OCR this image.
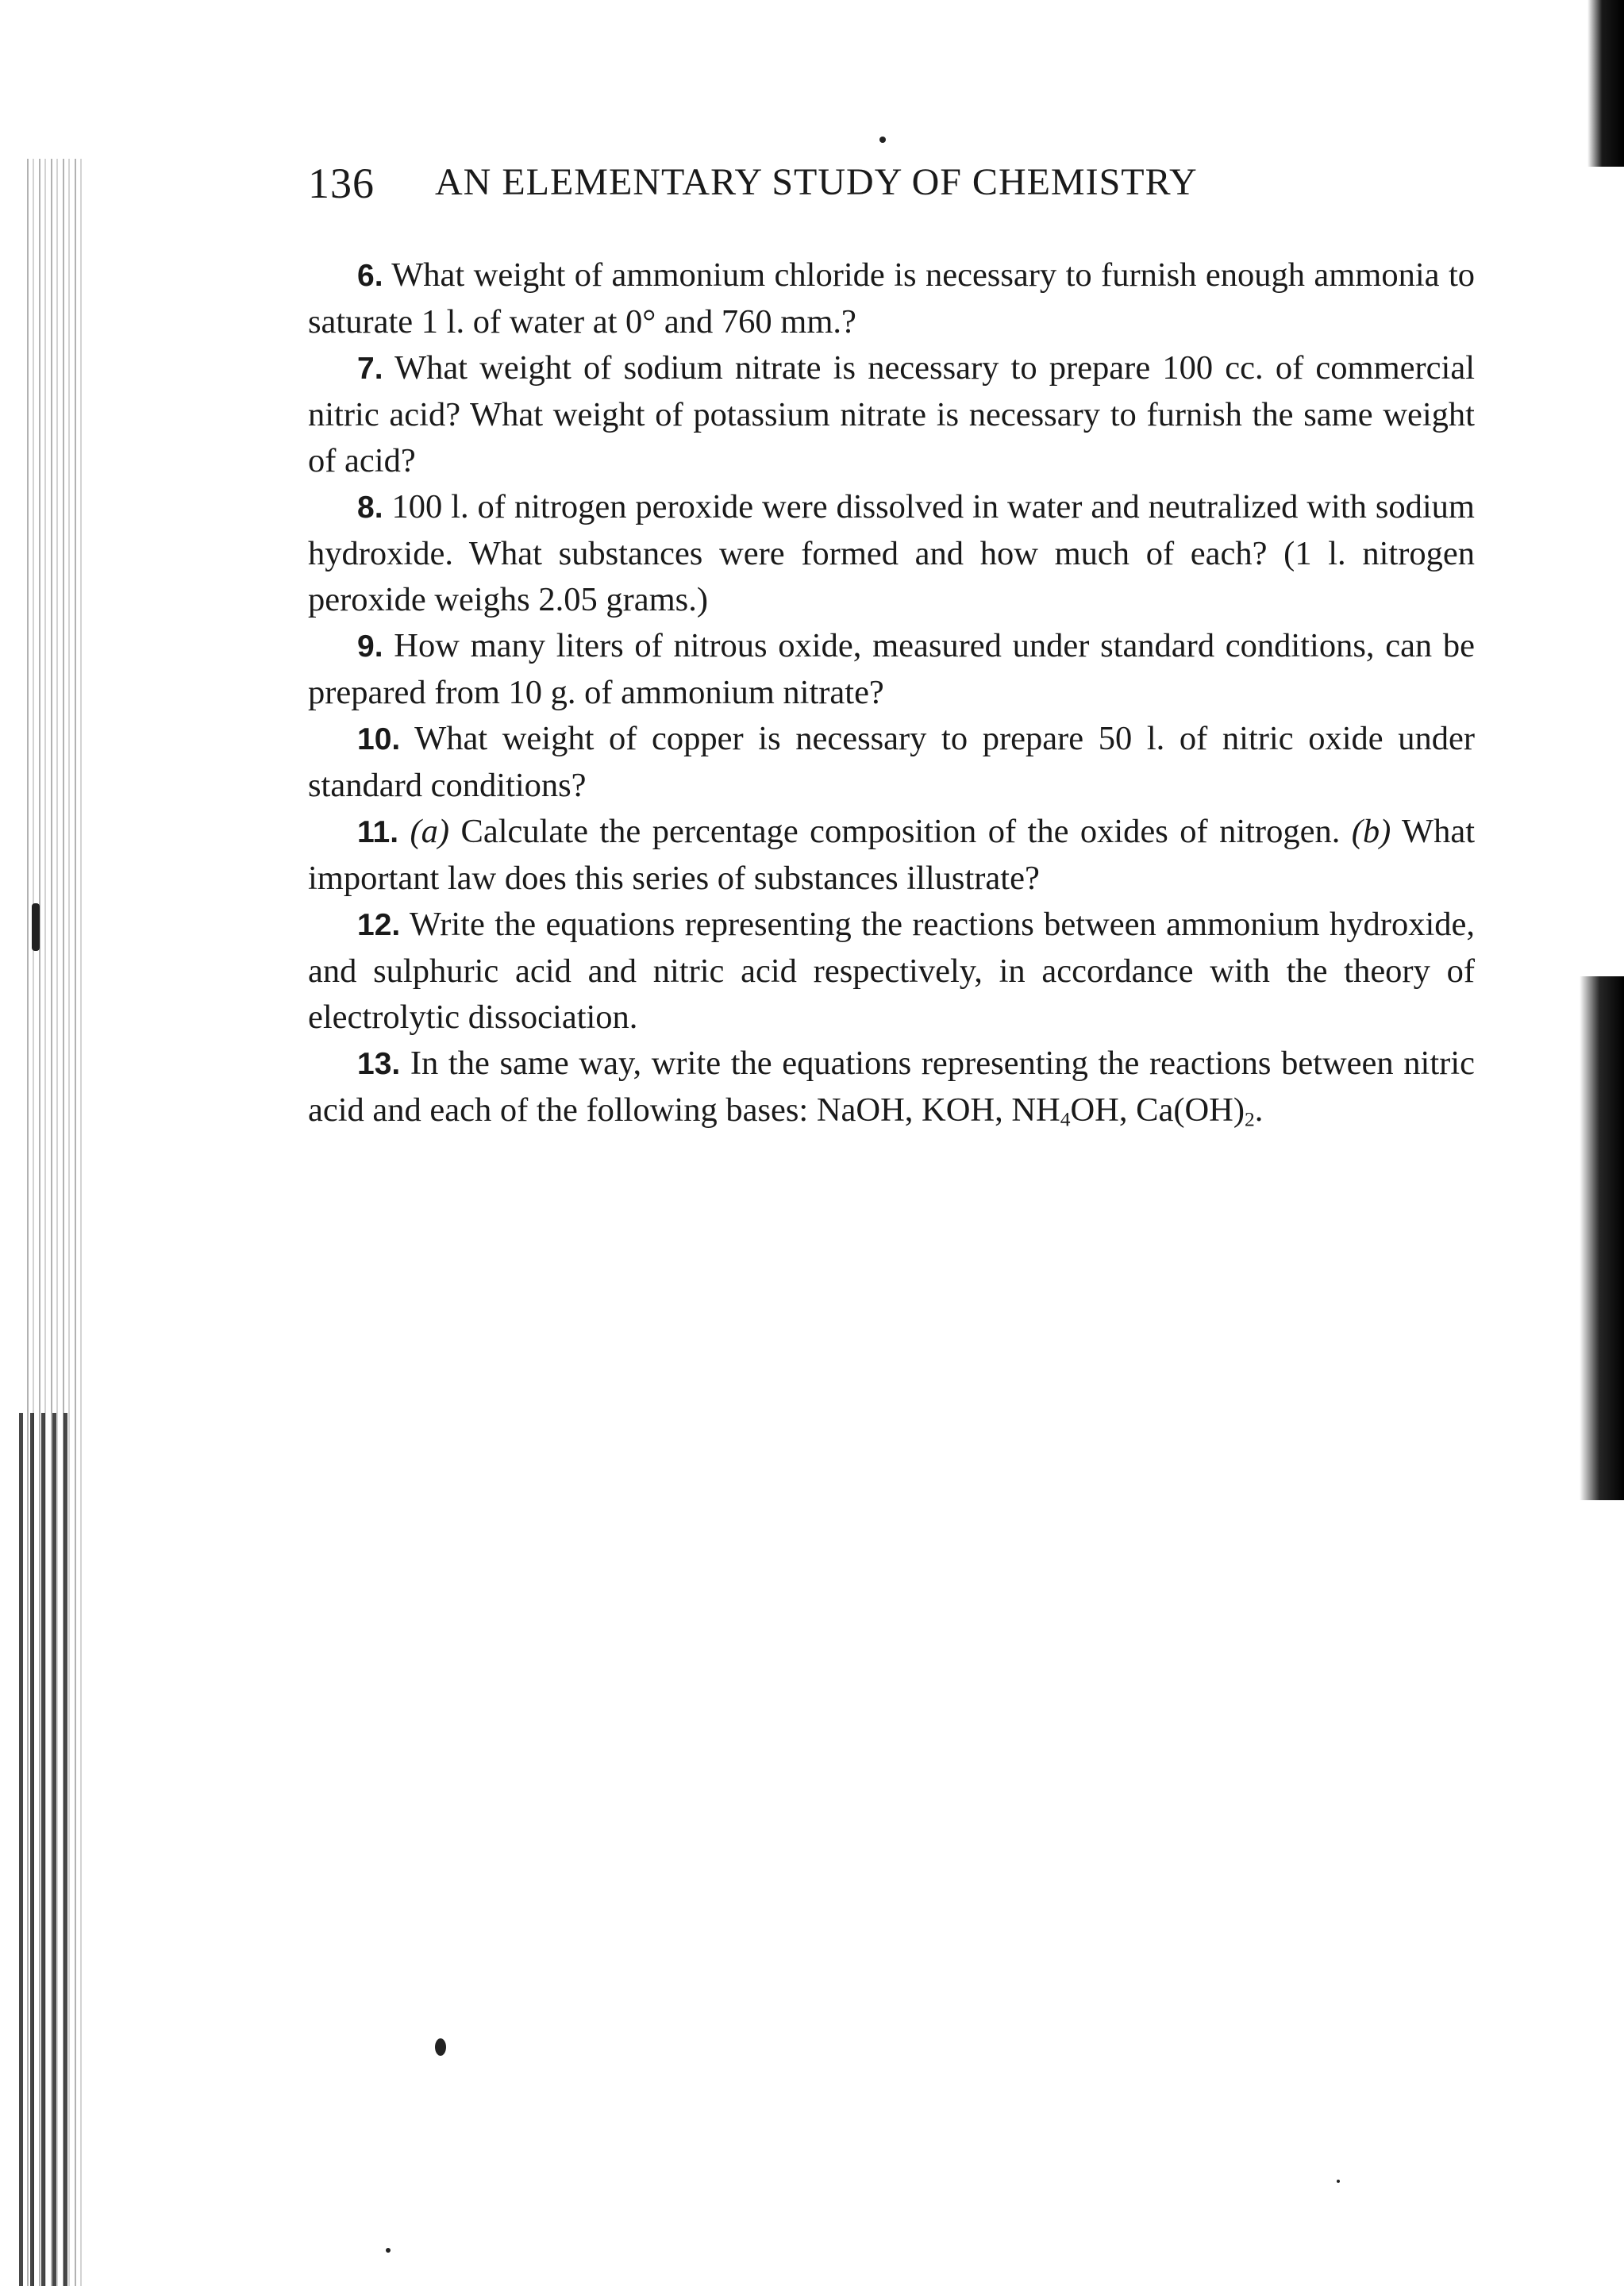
136 AN ELEMENTARY STUDY OF CHEMISTRY

6. What weight of ammonium chloride is necessary to furnish enough ammonia to saturate 1 l. of water at 0° and 760 mm.?

7. What weight of sodium nitrate is necessary to prepare 100 cc. of commercial nitric acid? What weight of potassium nitrate is necessary to furnish the same weight of acid?

8. 100 l. of nitrogen peroxide were dissolved in water and neutralized with sodium hydroxide. What substances were formed and how much of each? (1 l. nitrogen peroxide weighs 2.05 grams.)

9. How many liters of nitrous oxide, measured under standard conditions, can be prepared from 10 g. of ammonium nitrate?

10. What weight of copper is necessary to prepare 50 l. of nitric oxide under standard conditions?

11. (a) Calculate the percentage composition of the oxides of nitrogen. (b) What important law does this series of substances illustrate?

12. Write the equations representing the reactions between ammonium hydroxide, and sulphuric acid and nitric acid respectively, in accordance with the theory of electrolytic dissociation.

13. In the same way, write the equations representing the reactions between nitric acid and each of the following bases: NaOH, KOH, $NH_4OH$, $Ca(OH)_2$.
